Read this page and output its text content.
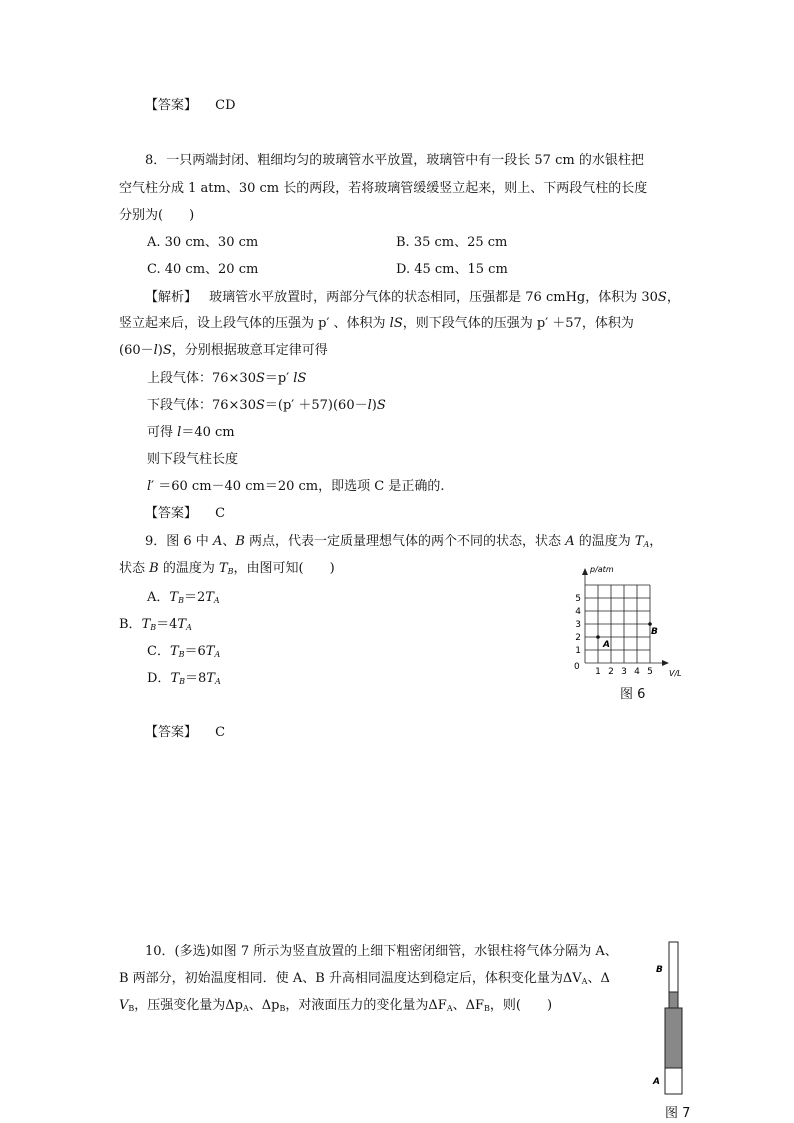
【答案】 CD
8．一只两端封闭、粗细均匀的玻璃管水平放置，玻璃管中有一段长 57 cm 的水银柱把
空气柱分成 1 atm、30 cm 长的两段，若将玻璃管缓缓竖立起来，则上、下两段气柱的长度
分别为(　　)
A. 30 cm、30 cm	B. 35 cm、25 cm
C. 40 cm、20 cm	D. 45 cm、15 cm
【解析】 玻璃管水平放置时，两部分气体的状态相同，压强都是 76 cmHg，体积为 30S，
竖立起来后，设上段气体的压强为 p′ 、体积为 lS，则下段气体的压强为 p′ ＋57，体积为
(60－l)S，分别根据玻意耳定律可得
上段气体：76×30S＝p′ lS
下段气体：76×30S＝(p′ ＋57)(60－l)S
可得 l＝40 cm
则下段气柱长度
l′ ＝60 cm－40 cm＝20 cm，即选项 C 是正确的.
【答案】 C
9．图 6 中 A、B 两点，代表一定质量理想气体的两个不同的状态，状态 A 的温度为 $T_A$，
状态 B 的温度为 $T_B$，由图可知(　　)
A．$T_B=2T_A$
B．$T_B=4T_A$
C．$T_B=6T_A$
D．$T_B=8T_A$
p/atm
V/L
0 1 2 3 4 5
1
2
3
4
5
A
B
图 6
【答案】 C
10．(多选)如图 7 所示为竖直放置的上细下粗密闭细管，水银柱将气体分隔为 A、
B 两部分，初始温度相同．使 A、B 升高相同温度达到稳定后，体积变化量为$\Delta V_A$、Δ
$V_B$，压强变化量为$\Delta p_A$、$\Delta p_B$，对液面压力的变化量为$\Delta F_A$、$\Delta F_B$，则(　　)
B
A
图 7
